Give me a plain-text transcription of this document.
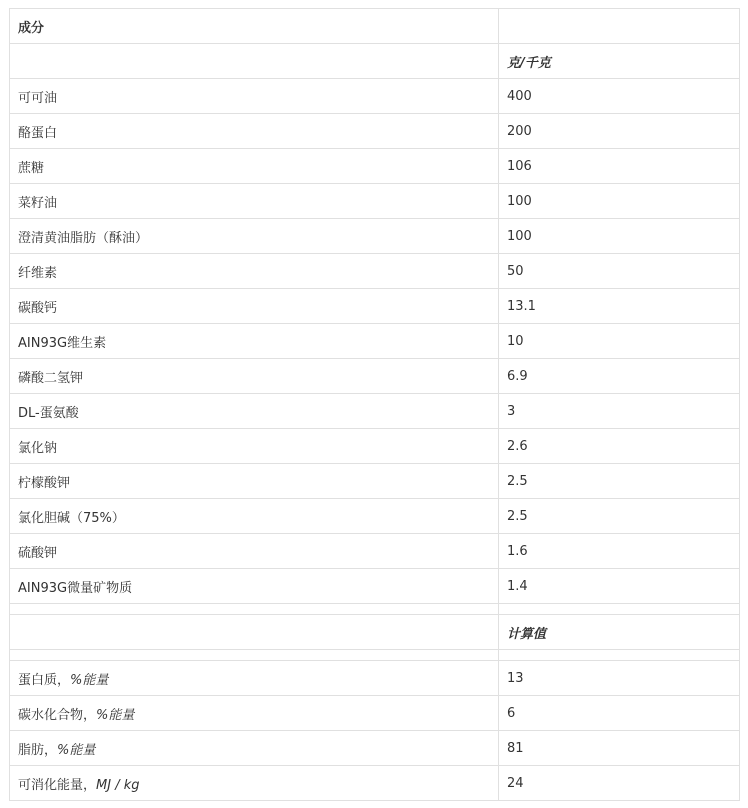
成分	
	克/千克
可可油	400
酪蛋白	200
蔗糖	106
菜籽油	100
澄清黄油脂肪（酥油）	100
纤维素	50
碳酸钙	13.1
AIN93G维生素	10
磷酸二氢钾	6.9
DL-蛋氨酸	3
氯化钠	2.6
柠檬酸钾	2.5
氯化胆碱（75%）	2.5
硫酸钾	1.6
AIN93G微量矿物质	1.4

	计算值

蛋白质，%能量	13
碳水化合物，%能量	6
脂肪，%能量	81
可消化能量，MJ / kg	24
